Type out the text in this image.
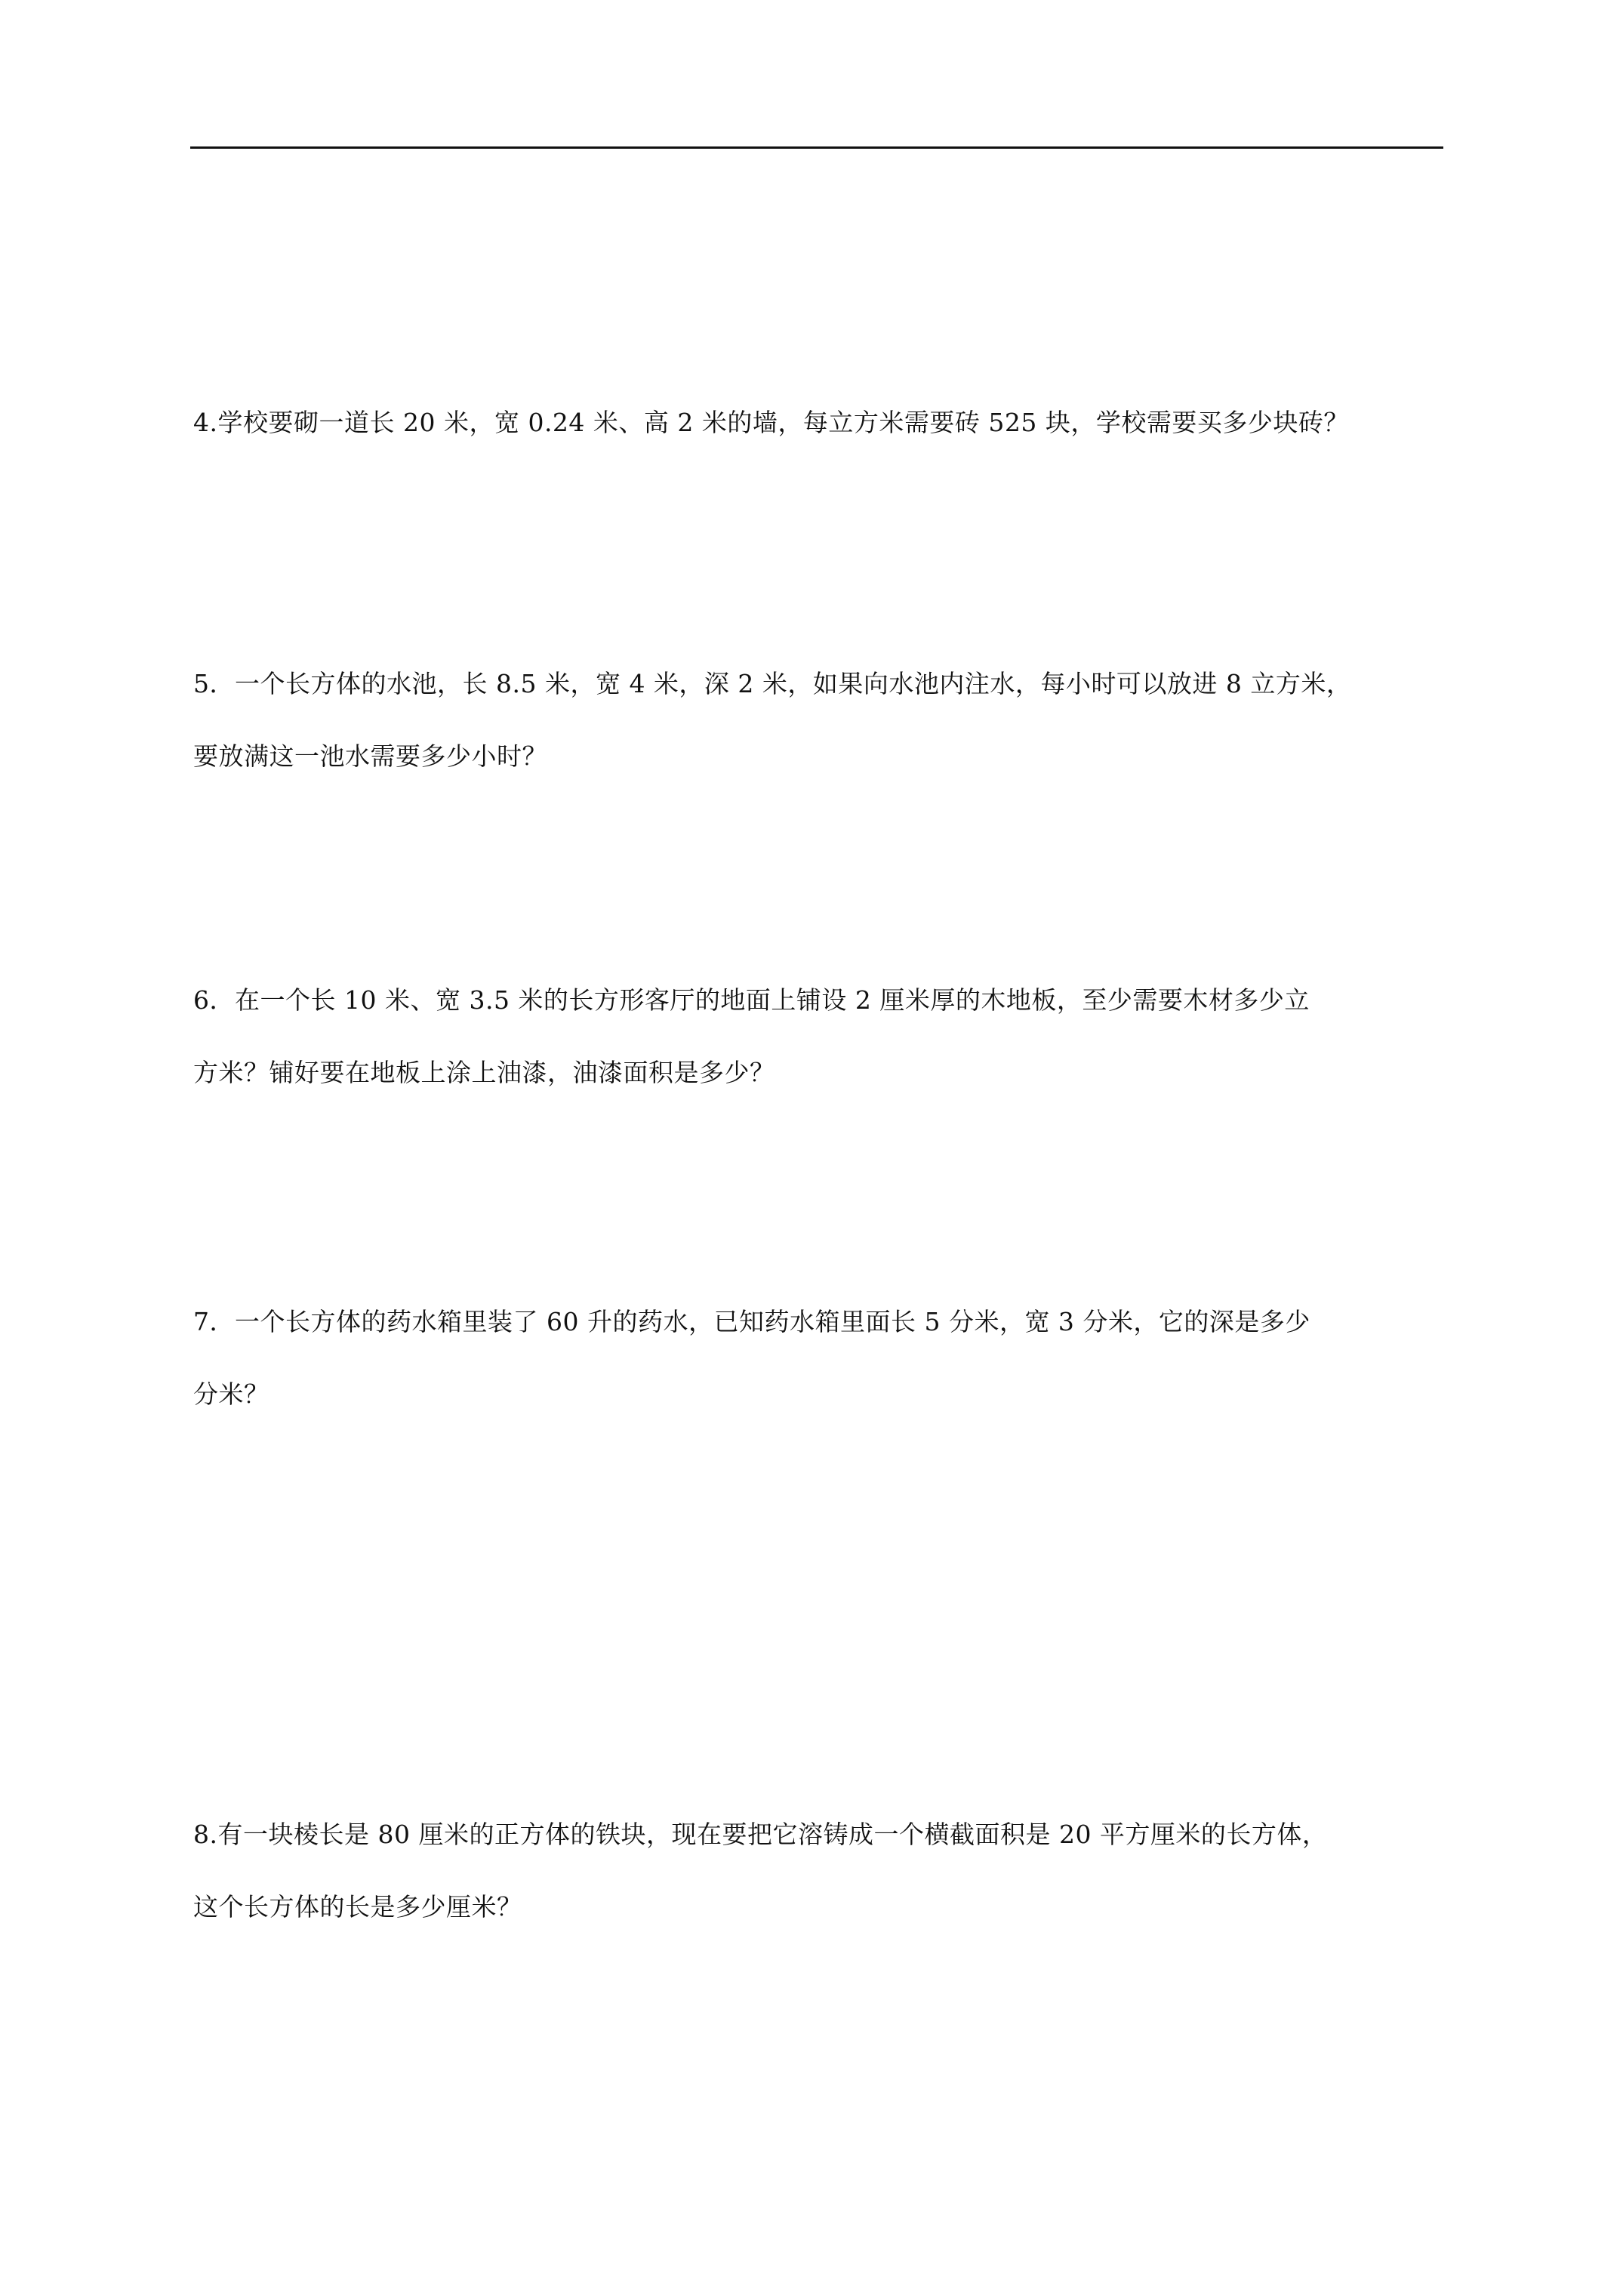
4.学校要砌一道长 20 米，宽 0.24 米、高 2 米的墙，每立方米需要砖 525 块，学校需要买多少块砖？
5．一个长方体的水池，长 8.5 米，宽 4 米，深 2 米，如果向水池内注水，每小时可以放进 8 立方米，
要放满这一池水需要多少小时？
6．在一个长 10 米、宽 3.5 米的长方形客厅的地面上铺设 2 厘米厚的木地板，至少需要木材多少立
方米？铺好要在地板上涂上油漆，油漆面积是多少？
7．一个长方体的药水箱里装了 60 升的药水，已知药水箱里面长 5 分米，宽 3 分米，它的深是多少
分米？
8.有一块棱长是 80 厘米的正方体的铁块，现在要把它溶铸成一个横截面积是 20 平方厘米的长方体，
这个长方体的长是多少厘米？
